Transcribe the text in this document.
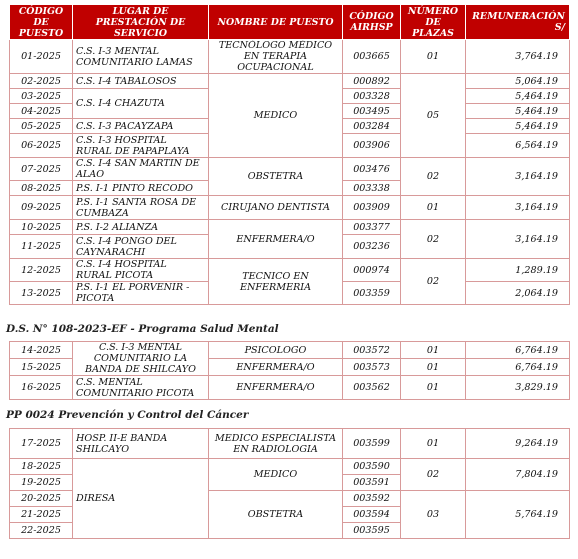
CÓDIGO DE PUESTO	LUGAR DE PRESTACIÓN DE SERVICIO	NOMBRE DE PUESTO	CÓDIGO AIRHSP	NÚMERO DE PLAZAS	REMUNERACIÓN S/
01-2025	C.S. I-3 MENTAL COMUNITARIO LAMAS	TECNÓLOGO MÉDICO EN TERAPIA OCUPACIONAL	003665	01	3,764.19
02-2025	C.S. I-4 TABALOSOS	MEDICO	000892	05	5,064.19
03-2025	C.S. I-4 CHAZUTA		003328		5,464.19
04-2025			003495		5,464.19
05-2025	C.S. I-3 PACAYZAPA		003284		5,464.19
06-2025	C.S. I-3 HOSPITAL RURAL DE PAPAPLAYA		003906		6,564.19
07-2025	C.S. I-4 SAN MARTIN DE ALAO	OBSTETRA	003476	02	3,164.19
08-2025	P.S. I-1 PINTO RECODO		003338		
09-2025	P.S. I-1 SANTA ROSA DE CUMBAZA	CIRUJANO DENTISTA	003909	01	3,164.19
10-2025	P.S. I-2 ALIANZA	ENFERMERA/O	003377	02	3,164.19
11-2025	C.S. I-4 PONGO DEL CAYNARACHI		003236		
12-2025	C.S. I-4 HOSPITAL RURAL PICOTA	TECNICO EN ENFERMERIA	000974	02	1,289.19
13-2025	P.S. I-1 EL PORVENIR - PICOTA		003359		2,064.19

D.S. N° 108-2023-EF - Programa Salud Mental

14-2025	C.S. I-3 MENTAL COMUNITARIO LA BANDA DE SHILCAYO	PSICOLOGO	003572	01	6,764.19
15-2025		ENFERMERA/O	003573	01	6,764.19
16-2025	C.S. MENTAL COMUNITARIO PICOTA	ENFERMERA/O	003562	01	3,829.19

PP 0024 Prevención y Control del Cáncer

17-2025	HOSP. II-E BANDA SHILCAYO	MEDICO ESPECIALISTA EN RADIOLOGIA	003599	01	9,264.19
18-2025	DIRESA	MEDICO	003590	02	7,804.19
19-2025			003591		
20-2025		OBSTETRA	003592	03	5,764.19
21-2025			003594		
22-2025			003595		
